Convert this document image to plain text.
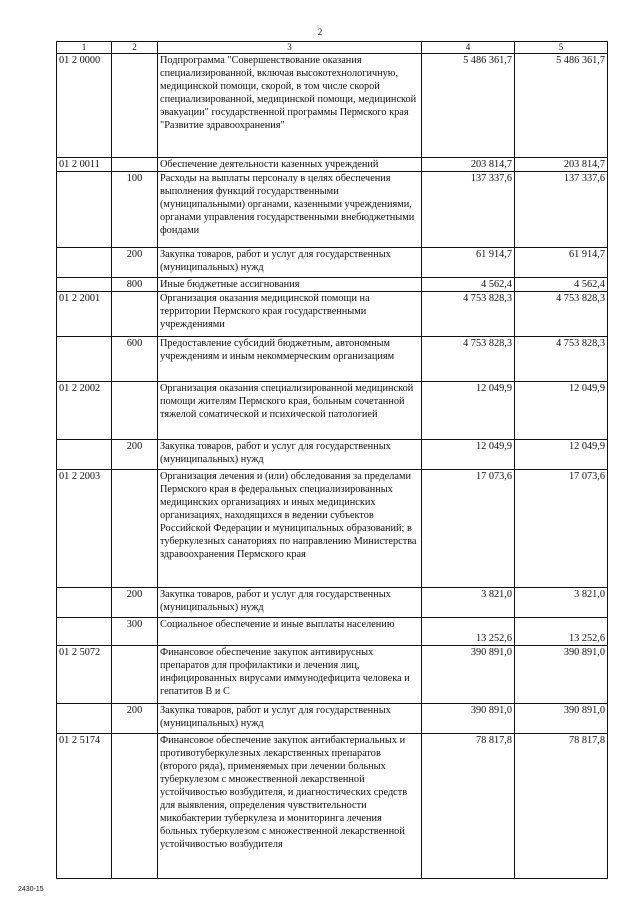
2
1	2	3	4	5
01 2 0000		Подпрограмма "Совершенствование оказания специализированной, включая высокотехнологичную, медицинской помощи, скорой, в том числе скорой специализированной, медицинской помощи, медицинской эвакуации" государственной программы Пермского края "Развитие здравоохранения"	5 486 361,7	5 486 361,7
01 2 0011		Обеспечение деятельности казенных учреждений	203 814,7	203 814,7
	100	Расходы на выплаты персоналу в целях обеспечения выполнения функций государственными (муниципальными) органами, казенными учреждениями, органами управления государственными внебюджетными фондами	137 337,6	137 337,6
	200	Закупка товаров, работ и услуг для государственных (муниципальных) нужд	61 914,7	61 914,7
	800	Иные бюджетные ассигнования	4 562,4	4 562,4
01 2 2001		Организация оказания медицинской помощи на территории Пермского края государственными учреждениями	4 753 828,3	4 753 828,3
	600	Предоставление субсидий бюджетным, автономным учреждениям и иным некоммерческим организациям	4 753 828,3	4 753 828,3
01 2 2002		Организация оказания специализированной медицинской помощи жителям Пермского края, больным сочетанной тяжелой соматической и психической патологией	12 049,9	12 049,9
	200	Закупка товаров, работ и услуг для государственных (муниципальных) нужд	12 049,9	12 049,9
01 2 2003		Организация лечения и (или) обследования за пределами Пермского края в федеральных специализированных медицинских организациях и иных медицинских организациях, находящихся в ведении субъектов Российской Федерации и муниципальных образований; в туберкулезных санаториях по направлению Министерства здравоохранения Пермского края	17 073,6	17 073,6
	200	Закупка товаров, работ и услуг для государственных (муниципальных) нужд	3 821,0	3 821,0
	300	Социальное обеспечение и иные выплаты населению	13 252,6	13 252,6
01 2 5072		Финансовое обеспечение закупок антивирусных препаратов для профилактики и лечения лиц, инфицированных вирусами иммунодефицита человека и гепатитов В и С	390 891,0	390 891,0
	200	Закупка товаров, работ и услуг для государственных (муниципальных) нужд	390 891,0	390 891,0
01 2 5174		Финансовое обеспечение закупок антибактериальных и противотуберкулезных лекарственных препаратов (второго ряда), применяемых при лечении больных туберкулезом с множественной лекарственной устойчивостью возбудителя, и диагностических средств для выявления, определения чувствительности микобактерии туберкулеза и мониторинга лечения больных туберкулезом с множественной лекарственной устойчивостью возбудителя	78 817,8	78 817,8
2430-15
